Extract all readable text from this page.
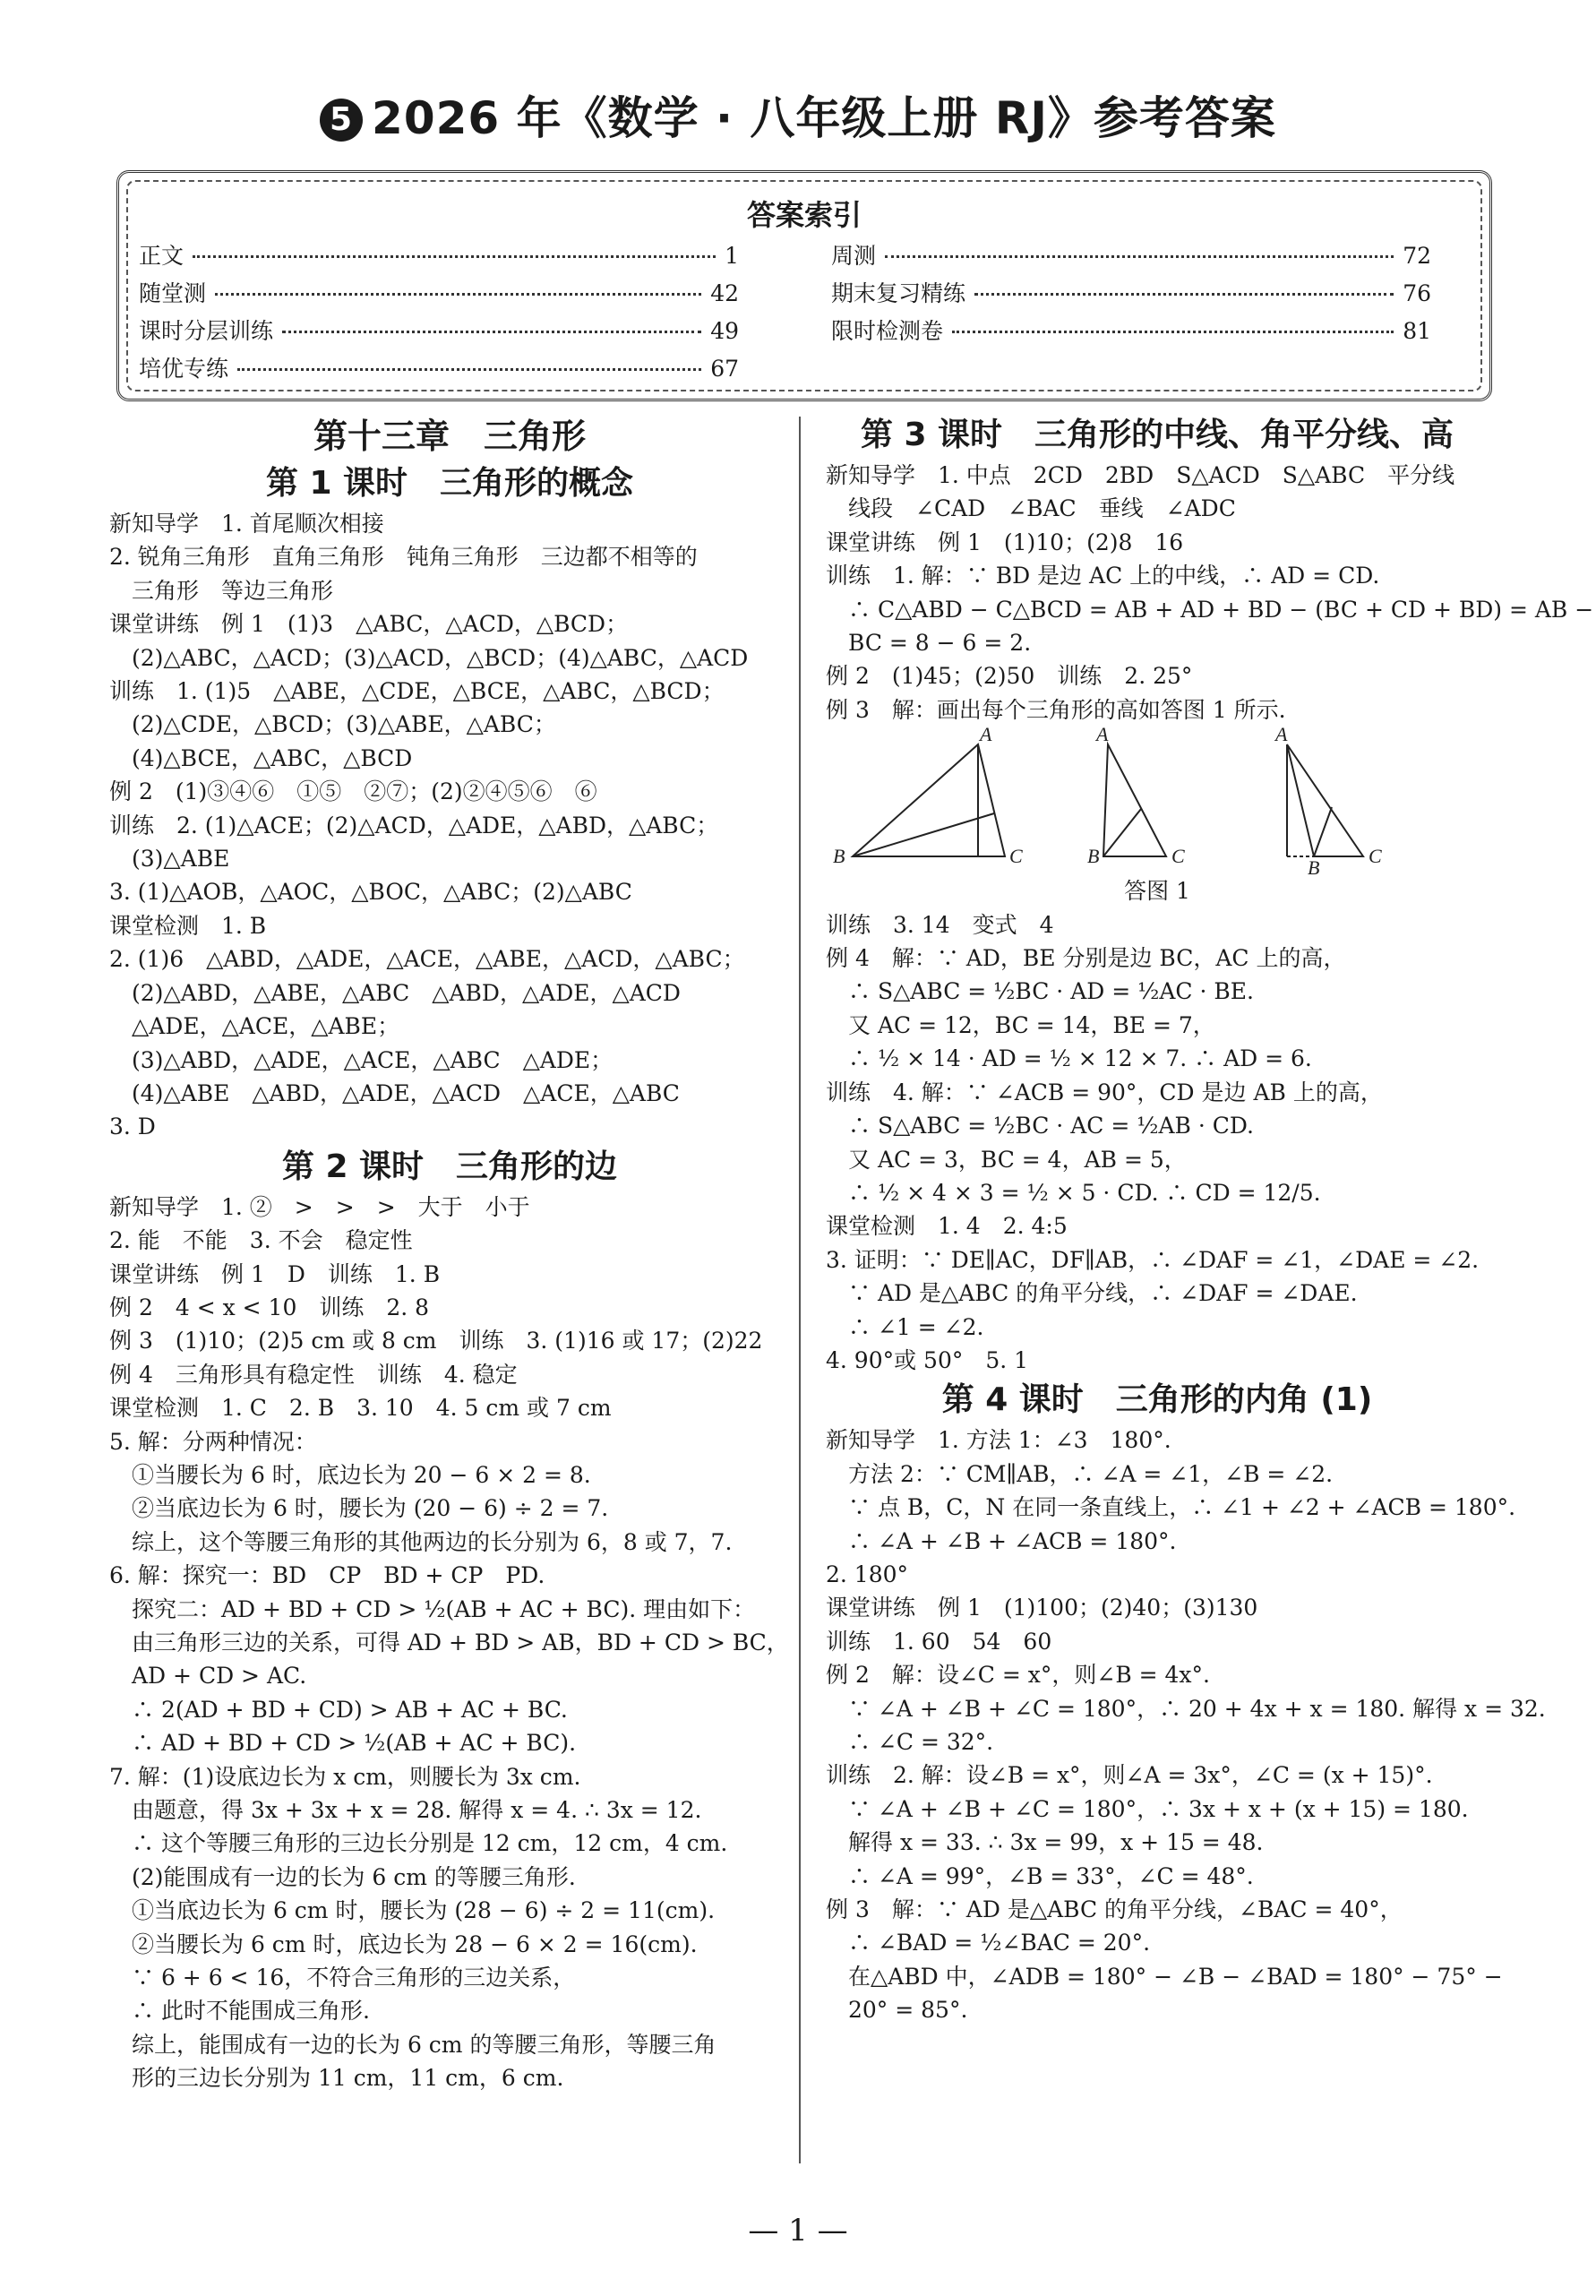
5 2026 年《数学 · 八年级上册 RJ》参考答案
答案索引
正文	1
随堂测	42
课时分层训练	49
培优专练	67
周测	72
期末复习精练	76
限时检测卷	81
第十三章　三角形
第 1 课时　三角形的概念
新知导学　1. 首尾顺次相接
2. 锐角三角形　直角三角形　钝角三角形　三边都不相等的
　三角形　等边三角形
课堂讲练　例 1　(1)3　△ABC，△ACD，△BCD；
　(2)△ABC，△ACD；(3)△ACD，△BCD；(4)△ABC，△ACD
训练　1. (1)5　△ABE，△CDE，△BCE，△ABC，△BCD；
　(2)△CDE，△BCD；(3)△ABE，△ABC；
　(4)△BCE，△ABC，△BCD
例 2　(1)③④⑥　①⑤　②⑦；(2)②④⑤⑥　⑥
训练　2. (1)△ACE；(2)△ACD，△ADE，△ABD，△ABC；
　(3)△ABE
3. (1)△AOB，△AOC，△BOC，△ABC；(2)△ABC
课堂检测　1. B
2. (1)6　△ABD，△ADE，△ACE，△ABE，△ACD，△ABC；
　(2)△ABD，△ABE，△ABC　△ABD，△ADE，△ACD
　△ADE，△ACE，△ABE；
　(3)△ABD，△ADE，△ACE，△ABC　△ADE；
　(4)△ABE　△ABD，△ADE，△ACD　△ACE，△ABC
3. D
第 2 课时　三角形的边
新知导学　1. ②　>　>　>　大于　小于
2. 能　不能　3. 不会　稳定性
课堂讲练　例 1　D　训练　1. B
例 2　4 < x < 10　训练　2. 8
例 3　(1)10；(2)5 cm 或 8 cm　训练　3. (1)16 或 17；(2)22
例 4　三角形具有稳定性　训练　4. 稳定
课堂检测　1. C　2. B　3. 10　4. 5 cm 或 7 cm
5. 解：分两种情况：
　①当腰长为 6 时，底边长为 20 − 6 × 2 = 8.
　②当底边长为 6 时，腰长为 (20 − 6) ÷ 2 = 7.
　综上，这个等腰三角形的其他两边的长分别为 6，8 或 7，7.
6. 解：探究一：BD　CP　BD + CP　PD.
　探究二：AD + BD + CD > ½(AB + AC + BC). 理由如下：
　由三角形三边的关系，可得 AD + BD > AB，BD + CD > BC，
　AD + CD > AC.
　∴ 2(AD + BD + CD) > AB + AC + BC.
　∴ AD + BD + CD > ½(AB + AC + BC).
7. 解：(1)设底边长为 x cm，则腰长为 3x cm.
　由题意，得 3x + 3x + x = 28. 解得 x = 4. ∴ 3x = 12.
　∴ 这个等腰三角形的三边长分别是 12 cm，12 cm，4 cm.
　(2)能围成有一边的长为 6 cm 的等腰三角形.
　①当底边长为 6 cm 时，腰长为 (28 − 6) ÷ 2 = 11(cm).
　②当腰长为 6 cm 时，底边长为 28 − 6 × 2 = 16(cm).
　∵ 6 + 6 < 16，不符合三角形的三边关系，
　∴ 此时不能围成三角形.
　综上，能围成有一边的长为 6 cm 的等腰三角形，等腰三角
　形的三边长分别为 11 cm，11 cm，6 cm.
第 3 课时　三角形的中线、角平分线、高
新知导学　1. 中点　2CD　2BD　S△ACD　S△ABC　平分线
　线段　∠CAD　∠BAC　垂线　∠ADC
课堂讲练　例 1　(1)10；(2)8　16
训练　1. 解：∵ BD 是边 AC 上的中线，∴ AD = CD.
　∴ C△ABD − C△BCD = AB + AD + BD − (BC + CD + BD) = AB −
　BC = 8 − 6 = 2.
例 2　(1)45；(2)50　训练　2. 25°
例 3　解：画出每个三角形的高如答图 1 所示.
A
B	C
A
B	C
A
B
C
答图 1
训练　3. 14　变式　4
例 4　解：∵ AD，BE 分别是边 BC，AC 上的高，
　∴ S△ABC = ½BC · AD = ½AC · BE.
　又 AC = 12，BC = 14，BE = 7，
　∴ ½ × 14 · AD = ½ × 12 × 7. ∴ AD = 6.
训练　4. 解：∵ ∠ACB = 90°，CD 是边 AB 上的高，
　∴ S△ABC = ½BC · AC = ½AB · CD.
　又 AC = 3，BC = 4，AB = 5，
　∴ ½ × 4 × 3 = ½ × 5 · CD. ∴ CD = 12/5.
课堂检测　1. 4　2. 4:5
3. 证明：∵ DE∥AC，DF∥AB，∴ ∠DAF = ∠1，∠DAE = ∠2.
　∵ AD 是△ABC 的角平分线，∴ ∠DAF = ∠DAE.
　∴ ∠1 = ∠2.
4. 90°或 50°　5. 1
第 4 课时　三角形的内角 (1)
新知导学　1. 方法 1：∠3　180°.
　方法 2：∵ CM∥AB，∴ ∠A = ∠1，∠B = ∠2.
　∵ 点 B，C，N 在同一条直线上，∴ ∠1 + ∠2 + ∠ACB = 180°.
　∴ ∠A + ∠B + ∠ACB = 180°.
2. 180°
课堂讲练　例 1　(1)100；(2)40；(3)130
训练　1. 60　54　60
例 2　解：设∠C = x°，则∠B = 4x°.
　∵ ∠A + ∠B + ∠C = 180°，∴ 20 + 4x + x = 180. 解得 x = 32.
　∴ ∠C = 32°.
训练　2. 解：设∠B = x°，则∠A = 3x°，∠C = (x + 15)°.
　∵ ∠A + ∠B + ∠C = 180°，∴ 3x + x + (x + 15) = 180.
　解得 x = 33. ∴ 3x = 99，x + 15 = 48.
　∴ ∠A = 99°，∠B = 33°，∠C = 48°.
例 3　解：∵ AD 是△ABC 的角平分线，∠BAC = 40°，
　∴ ∠BAD = ½∠BAC = 20°.
　在△ABD 中，∠ADB = 180° − ∠B − ∠BAD = 180° − 75° −
　20° = 85°.
— 1 —
